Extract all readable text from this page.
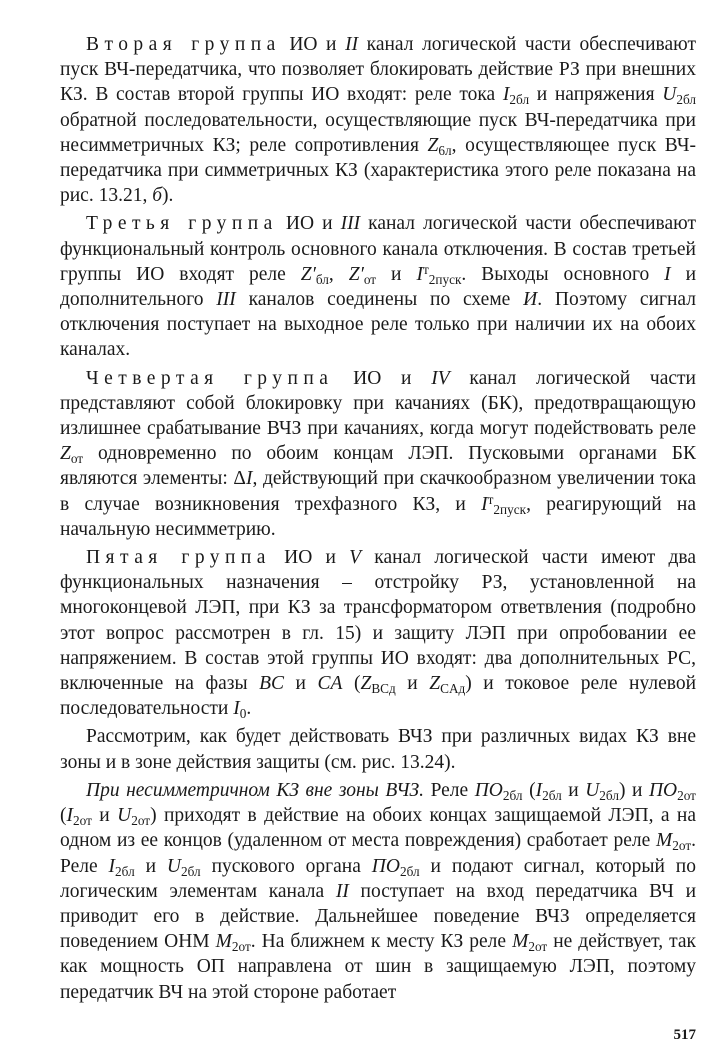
Вторая группа ИО и II канал логической части обеспечивают пуск ВЧ-передатчика, что позволяет блокировать действие РЗ при внешних КЗ. В состав второй группы ИО входят: реле тока $I_{2бл}$ и напряжения $U_{2бл}$ обратной последовательности, осуществляющие пуск ВЧ-передатчика при несимметричных КЗ; реле сопротивления $Z_{6л}$, осуществляющее пуск ВЧ-передатчика при симметричных КЗ (характеристика этого реле показана на рис. 13.21, б).

Третья группа ИО и III канал логической части обеспечивают функциональный контроль основного канала отключения. В состав третьей группы ИО входят реле $Z'_{бл}$, $Z'_{от}$ и $I^т_{2пуск}$. Выходы основного I и дополнительного III каналов соединены по схеме И. Поэтому сигнал отключения поступает на выходное реле только при наличии их на обоих каналах.

Четвертая группа ИО и IV канал логической части представляют собой блокировку при качаниях (БК), предотвращающую излишнее срабатывание ВЧЗ при качаниях, когда могут подействовать реле $Z_{от}$ одновременно по обоим концам ЛЭП. Пусковыми органами БК являются элементы: ΔI, действующий при скачкообразном увеличении тока в случае возникновения трехфазного КЗ, и $I^т_{2пуск}$, реагирующий на начальную несимметрию.

Пятая группа ИО и V канал логической части имеют два функциональных назначения – отстройку РЗ, установленной на многоконцевой ЛЭП, при КЗ за трансформатором ответвления (подробно этот вопрос рассмотрен в гл. 15) и защиту ЛЭП при опробовании ее напряжением. В состав этой группы ИО входят: два дополнительных РС, включенные на фазы BC и CA ($Z_{BCд}$ и $Z_{CAд}$) и токовое реле нулевой последовательности $I_0$.

Рассмотрим, как будет действовать ВЧЗ при различных видах КЗ вне зоны и в зоне действия защиты (см. рис. 13.24).

При несимметричном КЗ вне зоны ВЧЗ. Реле $ПО_{2бл}$ ($I_{2бл}$ и $U_{2бл}$) и $ПО_{2от}$ ($I_{2от}$ и $U_{2от}$) приходят в действие на обоих концах защищаемой ЛЭП, а на одном из ее концов (удаленном от места повреждения) сработает реле $M_{2от}$. Реле $I_{2бл}$ и $U_{2бл}$ пускового органа $ПО_{2бл}$ и подают сигнал, который по логическим элементам канала II поступает на вход передатчика ВЧ и приводит его в действие. Дальнейшее поведение ВЧЗ определяется поведением ОНМ $M_{2от}$. На ближнем к месту КЗ реле $M_{2от}$ не действует, так как мощность ОП направлена от шин в защищаемую ЛЭП, поэтому передатчик ВЧ на этой стороне работает

517
